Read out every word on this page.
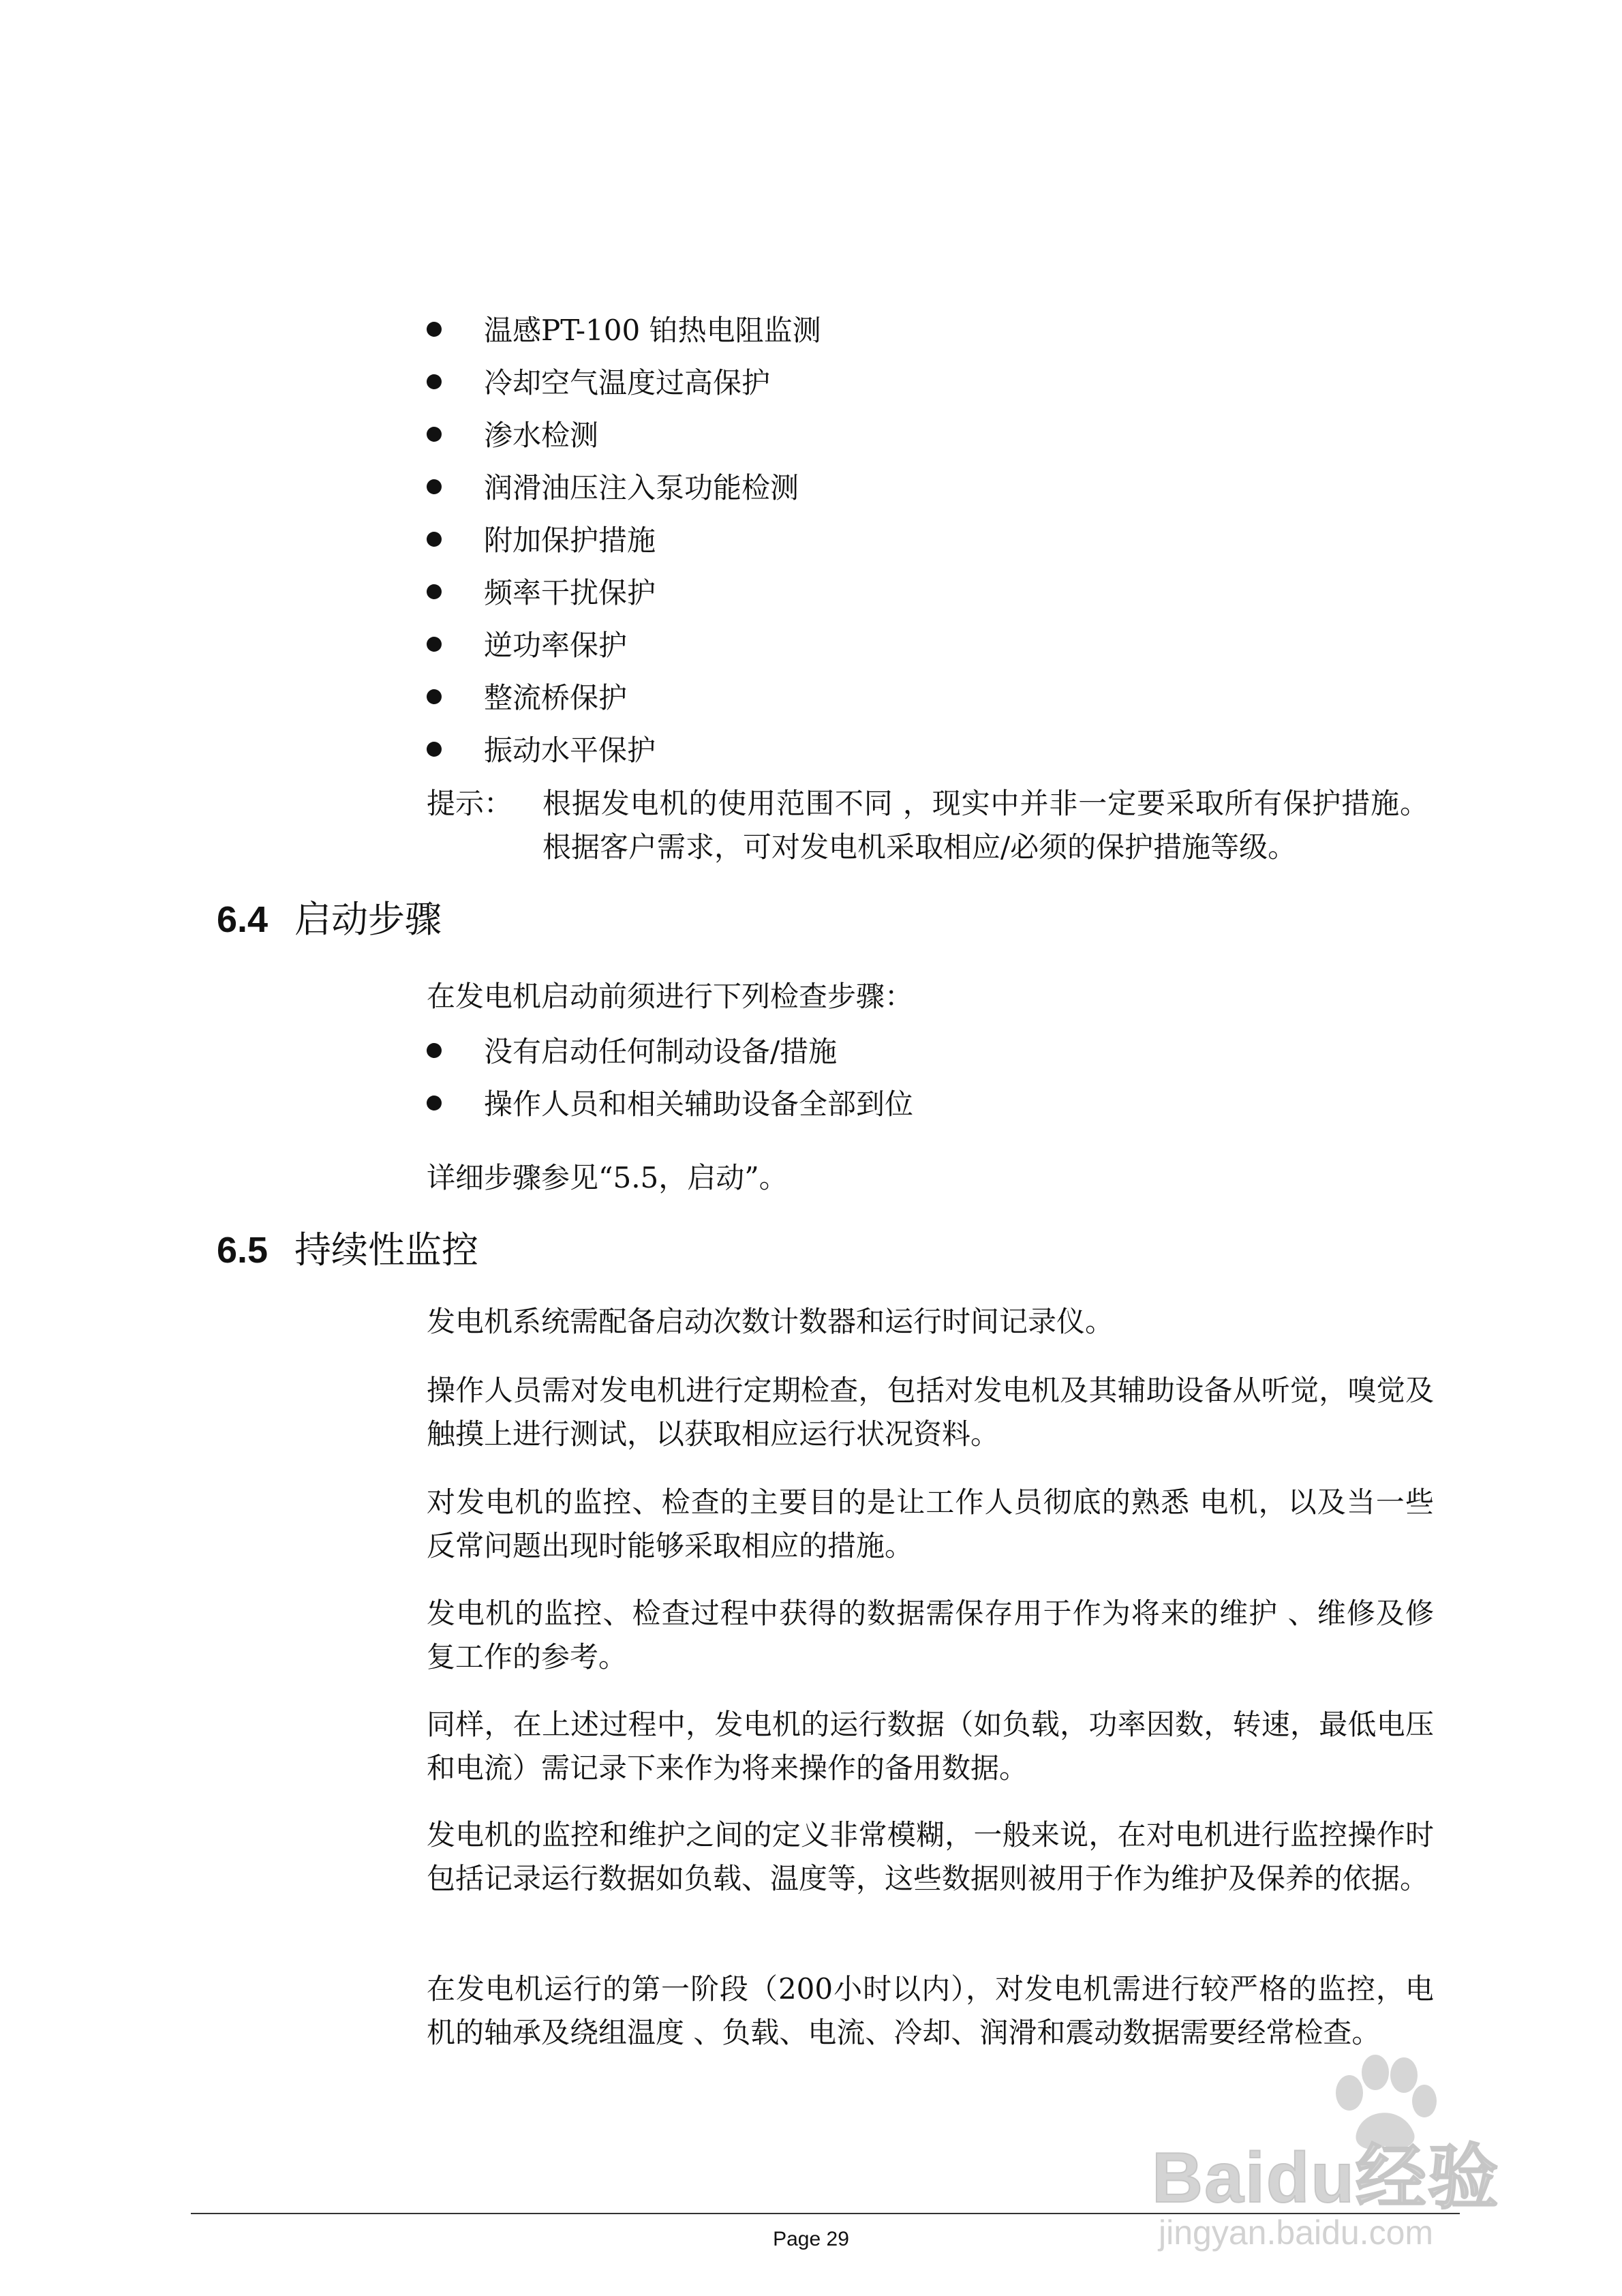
温感PT-100 铂热电阻监测
冷却空气温度过高保护
渗水检测
润滑油压注入泵功能检测
附加保护措施
频率干扰保护
逆功率保护
整流桥保护
振动水平保护
提示： 根据发电机的使用范围不同 ，现实中并非一定要采取所有保护措施。根据客户需求，可对发电机采取相应/必须的保护措施等级。
6.4 启动步骤

在发电机启动前须进行下列检查步骤：

没有启动任何制动设备/措施
操作人员和相关辅助设备全部到位

详细步骤参见“5.5，启动”。

6.5 持续性监控

发电机系统需配备启动次数计数器和运行时间记录仪。

操作人员需对发电机进行定期检查，包括对发电机及其辅助设备从听觉，嗅觉及触摸上进行测试，以获取相应运行状况资料。

对发电机的监控、检查的主要目的是让工作人员彻底的熟悉 电机，以及当一些反常问题出现时能够采取相应的措施。

发电机的监控、检查过程中获得的数据需保存用于作为将来的维护 、维修及修复工作的参考。

同样，在上述过程中，发电机的运行数据（如负载，功率因数，转速，最低电压和电流）需记录下来作为将来操作的备用数据。

发电机的监控和维护之间的定义非常模糊，一般来说，在对电机进行监控操作时包括记录运行数据如负载、温度等，这些数据则被用于作为维护及保养的依据。

在发电机运行的第一阶段（200小时以内），对发电机需进行较严格的监控，电机的轴承及绕组温度 、负载、电流、冷却、润滑和震动数据需要经常检查。

Page 29
Baidu经验
jingyan.baidu.com
